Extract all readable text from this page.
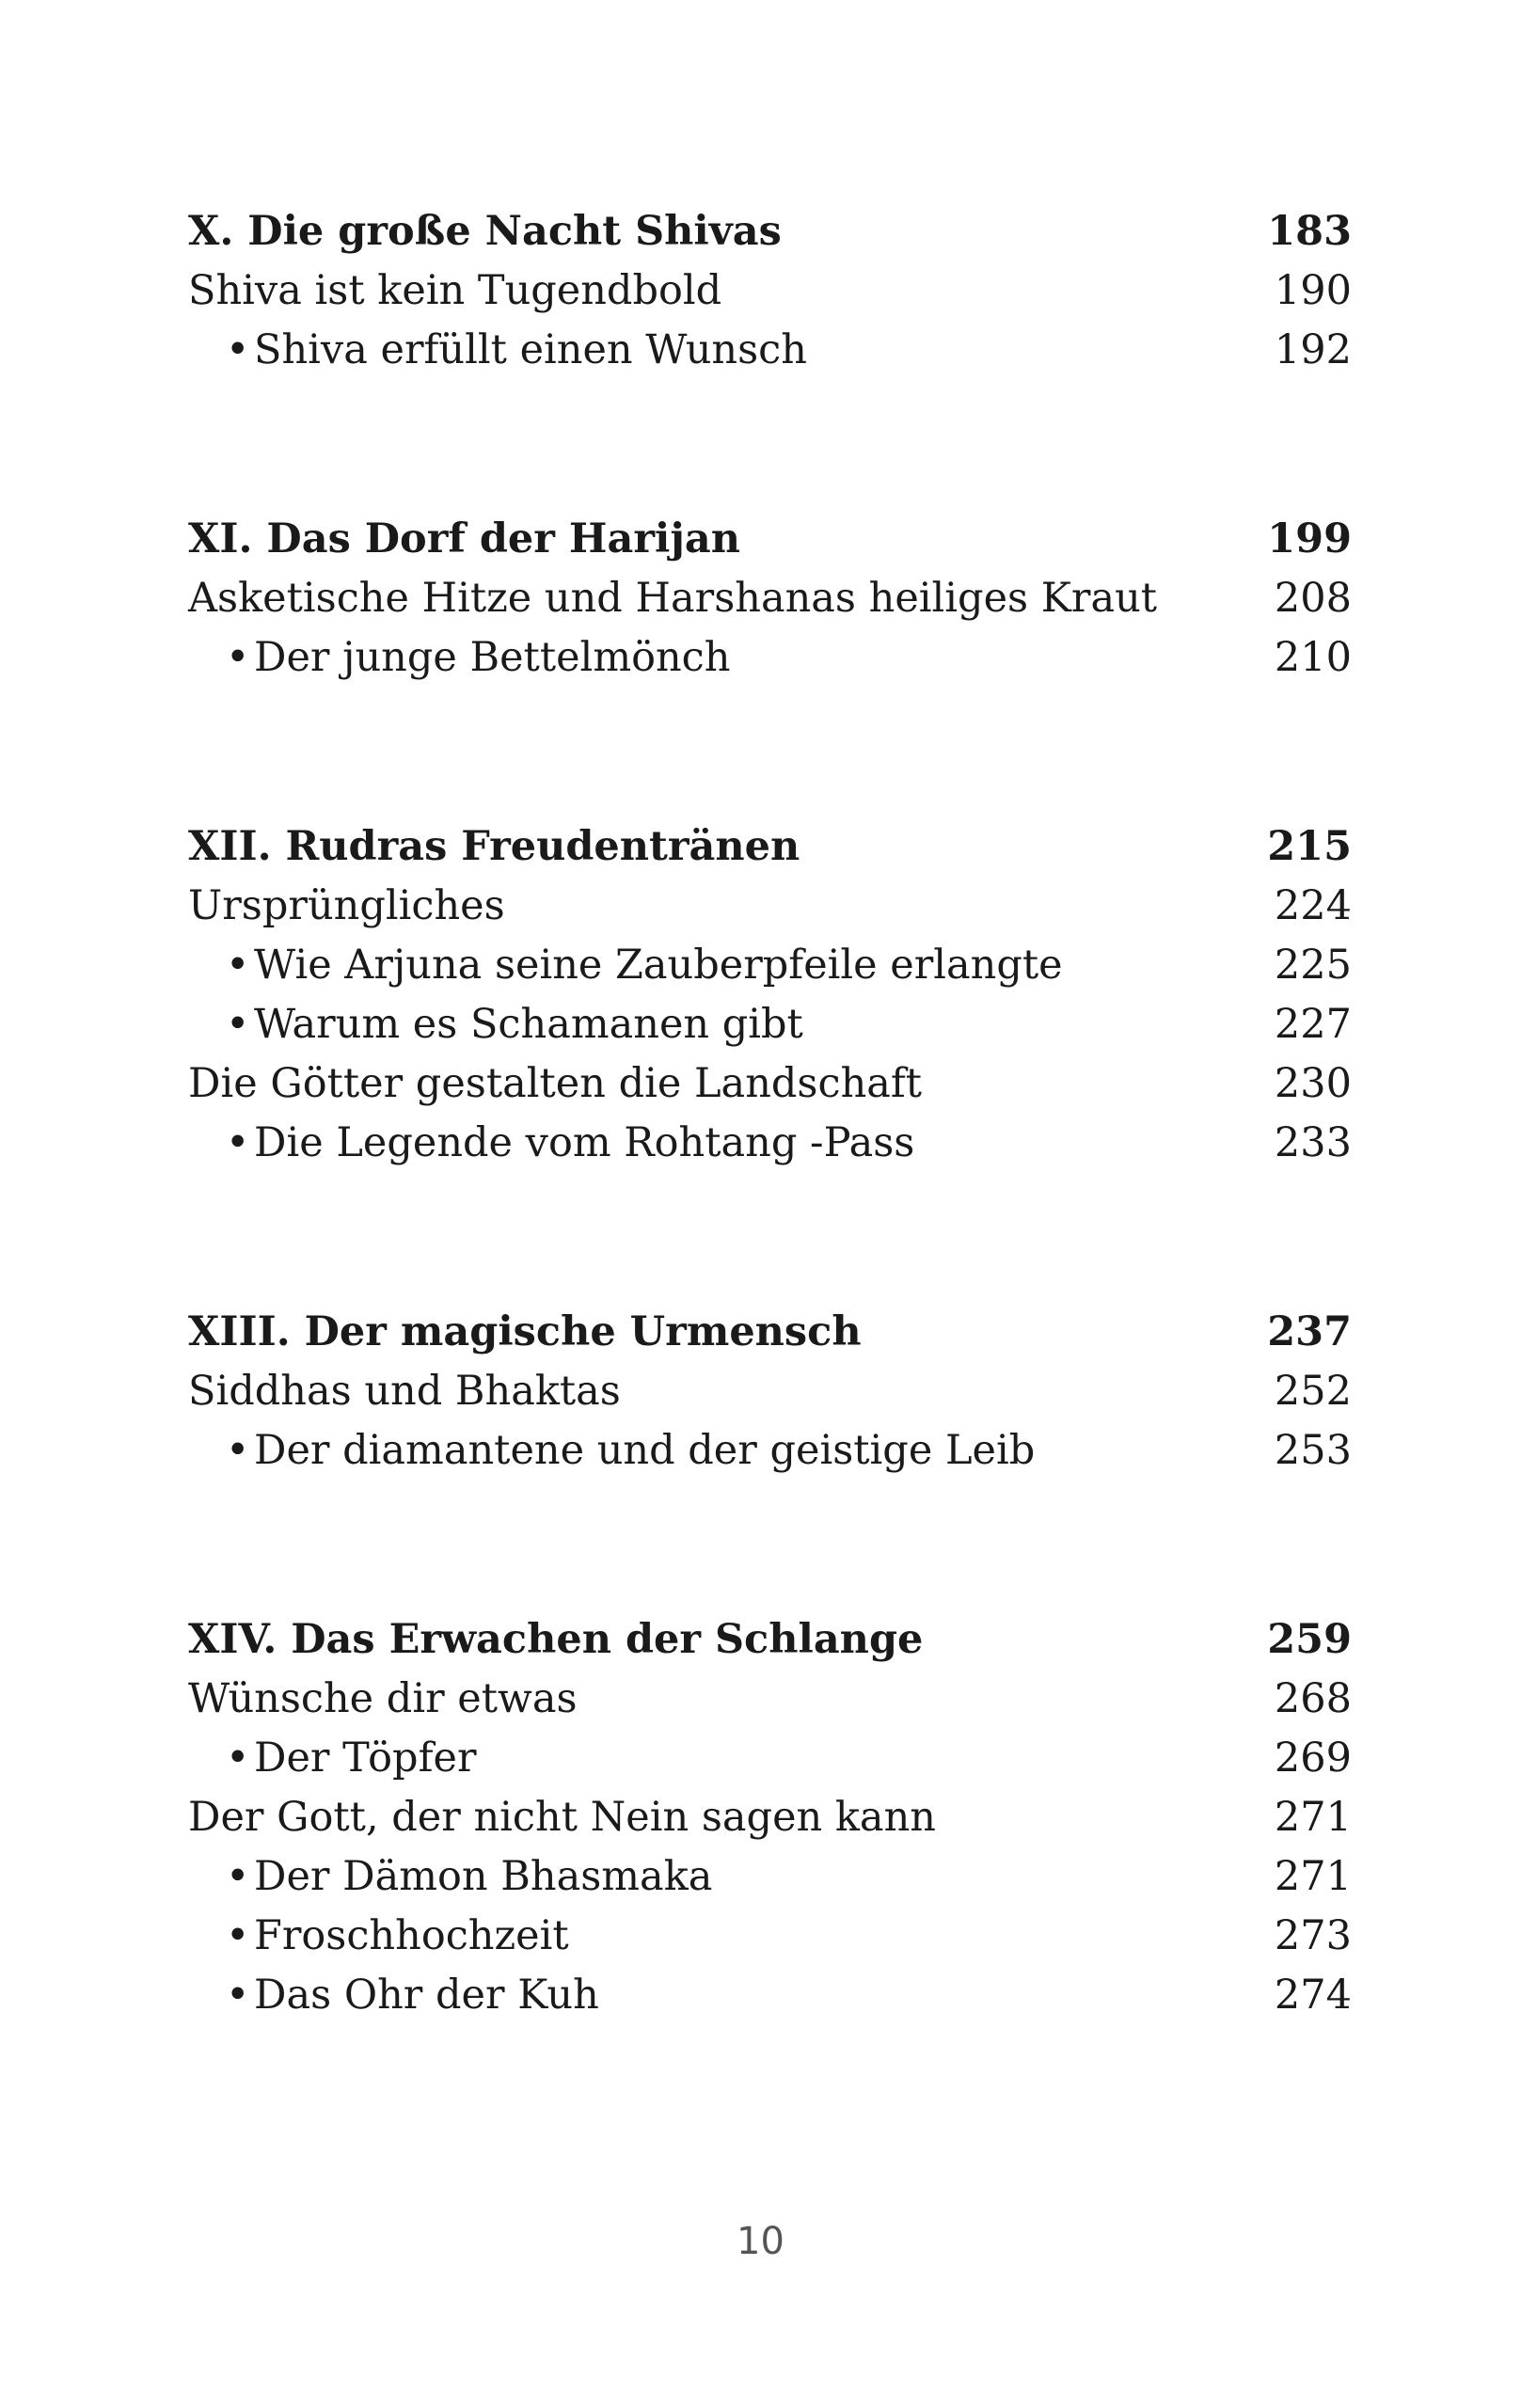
X. Die große Nacht Shivas	183
Shiva ist kein Tugendbold	190
• Shiva erfüllt einen Wunsch	192
XI. Das Dorf der Harijan	199
Asketische Hitze und Harshanas heiliges Kraut	208
• Der junge Bettelmönch	210
XII. Rudras Freudentränen	215
Ursprüngliches	224
• Wie Arjuna seine Zauberpfeile erlangte	225
• Warum es Schamanen gibt	227
Die Götter gestalten die Landschaft	230
• Die Legende vom Rohtang -Pass	233
XIII. Der magische Urmensch	237
Siddhas und Bhaktas	252
• Der diamantene und der geistige Leib	253
XIV. Das Erwachen der Schlange	259
Wünsche dir etwas	268
• Der Töpfer	269
Der Gott, der nicht Nein sagen kann	271
• Der Dämon Bhasmaka	271
• Froschhochzeit	273
• Das Ohr der Kuh	274
10
